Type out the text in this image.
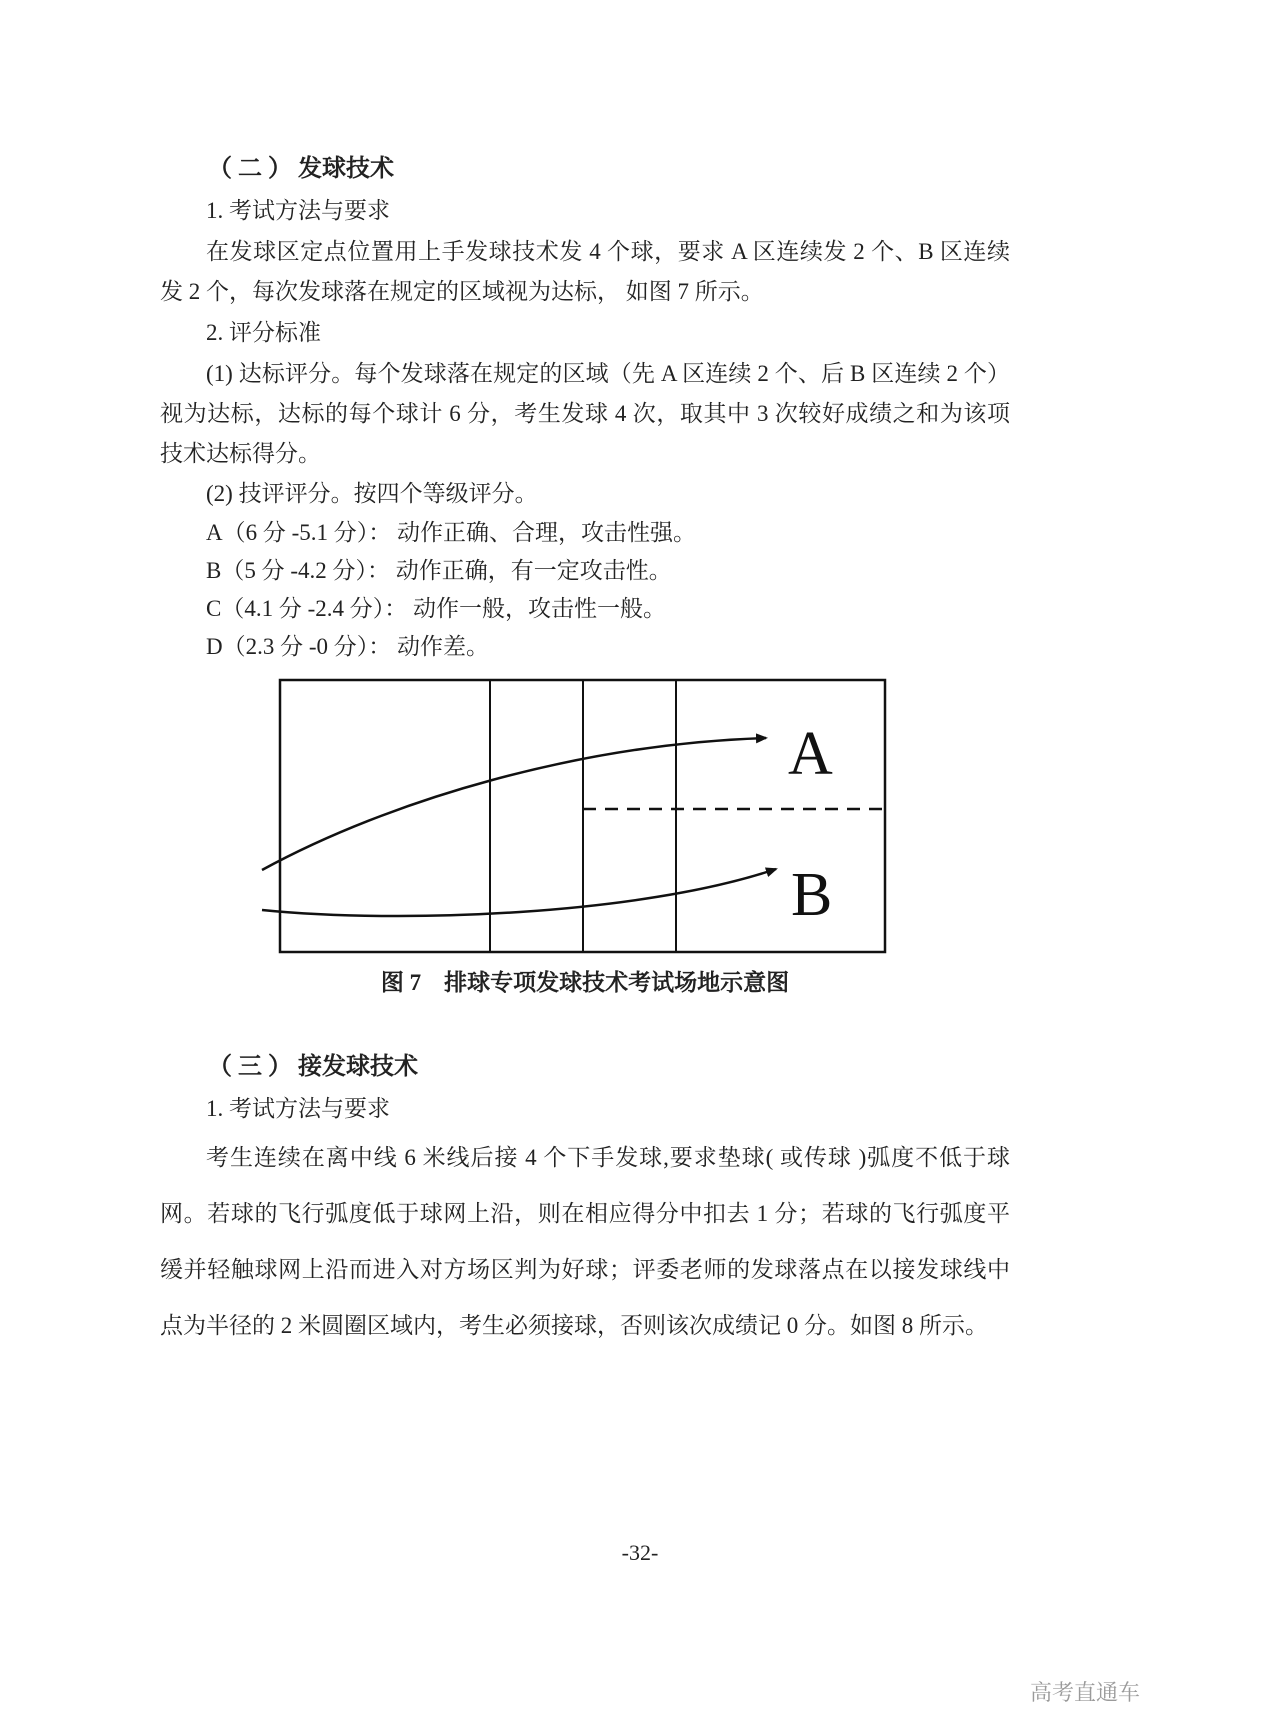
（ 二 ） 发球技术

1. 考试方法与要求

在发球区定点位置用上手发球技术发 4 个球，要求 A 区连续发 2 个、B 区连续发 2 个，每次发球落在规定的区域视为达标， 如图 7 所示。

2. 评分标准

(1) 达标评分。每个发球落在规定的区域（先 A 区连续 2 个、后 B 区连续 2 个）视为达标，达标的每个球计 6 分，考生发球 4 次，取其中 3 次较好成绩之和为该项技术达标得分。

(2) 技评评分。按四个等级评分。

A（6 分 -5.1 分）： 动作正确、合理，攻击性强。

B（5 分 -4.2 分）： 动作正确，有一定攻击性。

C（4.1 分 -2.4 分）： 动作一般，攻击性一般。

D（2.3 分 -0 分）： 动作差。

A
B

图 7　排球专项发球技术考试场地示意图

（ 三 ） 接发球技术

1. 考试方法与要求

考生连续在离中线 6 米线后接 4 个下手发球,要求垫球( 或传球 )弧度不低于球网。若球的飞行弧度低于球网上沿，则在相应得分中扣去 1 分；若球的飞行弧度平缓并轻触球网上沿而进入对方场区判为好球；评委老师的发球落点在以接发球线中点为半径的 2 米圆圈区域内，考生必须接球，否则该次成绩记 0 分。如图 8 所示。

-32-
高考直通车
